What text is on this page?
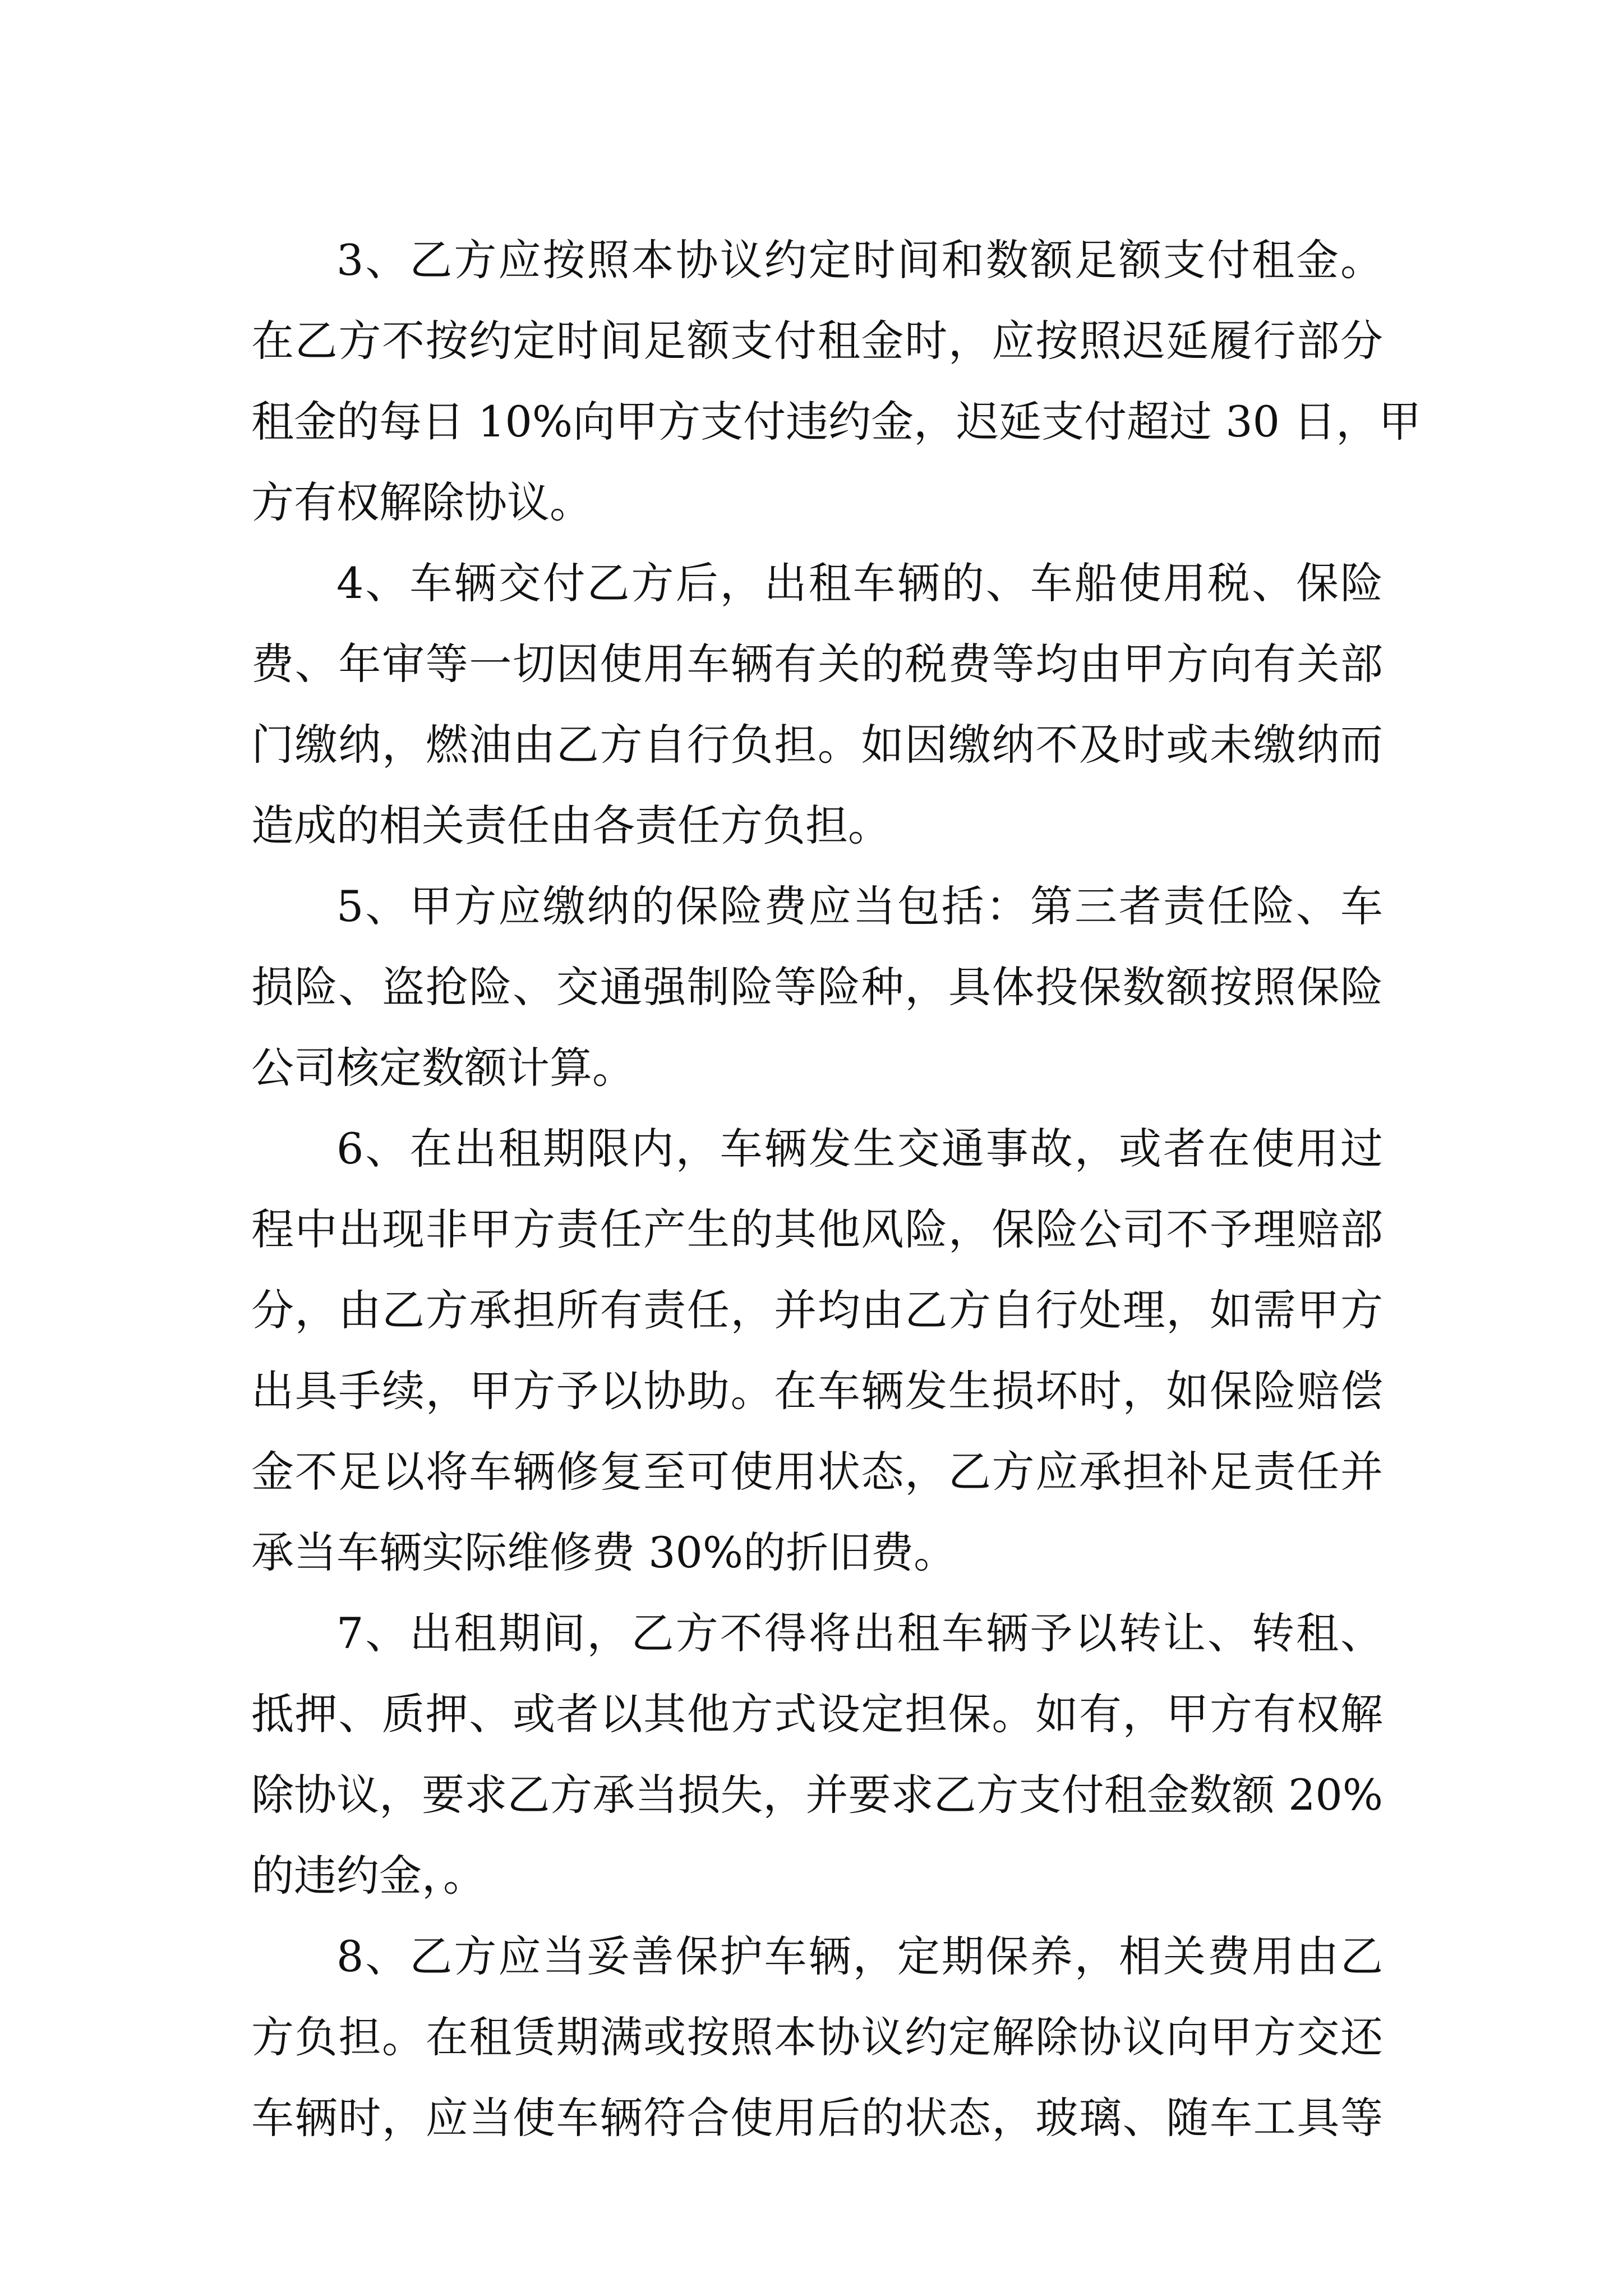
3、乙方应按照本协议约定时间和数额足额支付租金。
在乙方不按约定时间足额支付租金时，应按照迟延履行部分
租金的每日 10%向甲方支付违约金，迟延支付超过 30 日，甲
方有权解除协议。
4、车辆交付乙方后，出租车辆的、车船使用税、保险
费、年审等一切因使用车辆有关的税费等均由甲方向有关部
门缴纳，燃油由乙方自行负担。如因缴纳不及时或未缴纳而
造成的相关责任由各责任方负担。
5、甲方应缴纳的保险费应当包括：第三者责任险、车
损险、盗抢险、交通强制险等险种，具体投保数额按照保险
公司核定数额计算。
6、在出租期限内，车辆发生交通事故，或者在使用过
程中出现非甲方责任产生的其他风险，保险公司不予理赔部
分，由乙方承担所有责任，并均由乙方自行处理，如需甲方
出具手续，甲方予以协助。在车辆发生损坏时，如保险赔偿
金不足以将车辆修复至可使用状态，乙方应承担补足责任并
承当车辆实际维修费 30%的折旧费。
7、出租期间，乙方不得将出租车辆予以转让、转租、
抵押、质押、或者以其他方式设定担保。如有，甲方有权解
除协议，要求乙方承当损失，并要求乙方支付租金数额 20%
的违约金，。
8、乙方应当妥善保护车辆，定期保养，相关费用由乙
方负担。在租赁期满或按照本协议约定解除协议向甲方交还
车辆时，应当使车辆符合使用后的状态，玻璃、随车工具等
